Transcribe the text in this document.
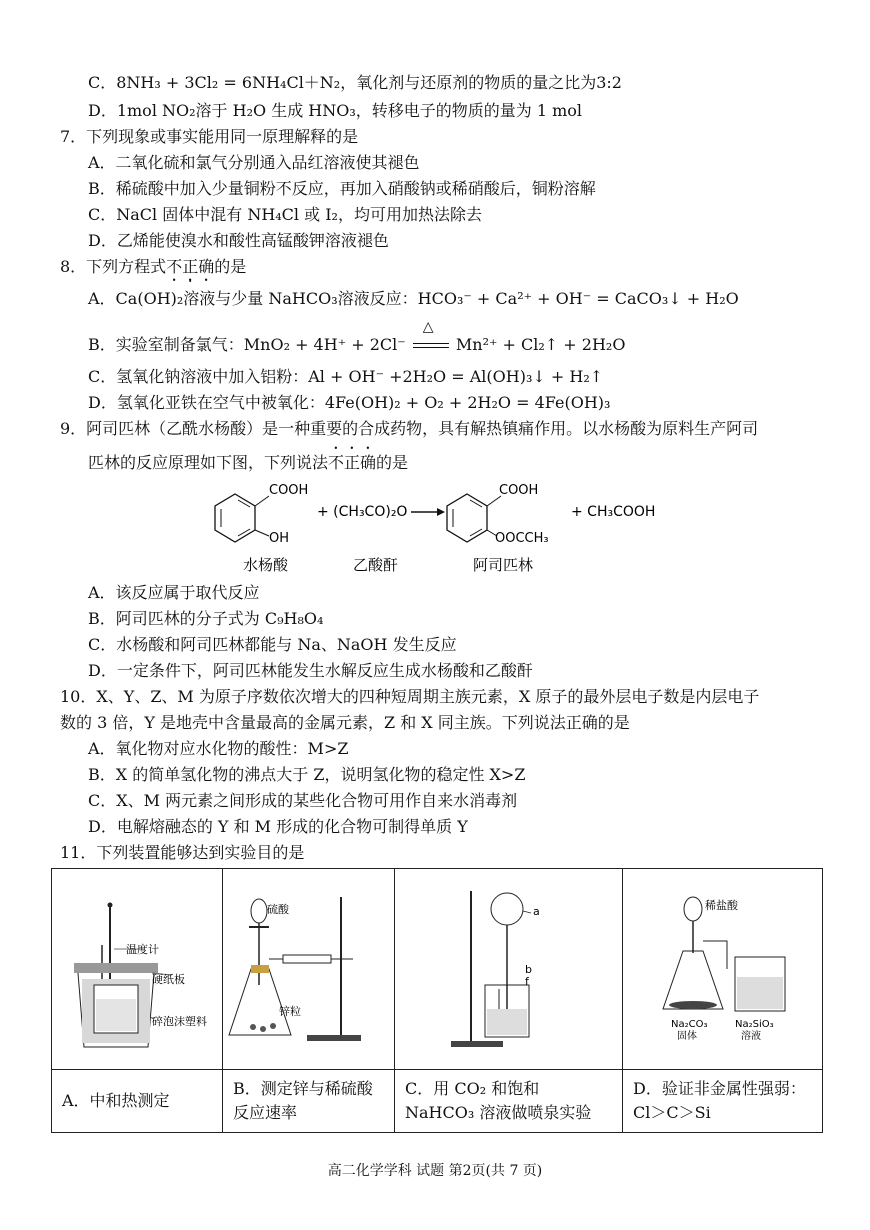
C．8NH₃ + 3Cl₂ = 6NH₄Cl＋N₂，氧化剂与还原剂的物质的量之比为3:2
D．1mol NO₂溶于 H₂O 生成 HNO₃，转移电子的物质的量为 1 mol
7．下列现象或事实能用同一原理解释的是
A．二氧化硫和氯气分别通入品红溶液使其褪色
B．稀硫酸中加入少量铜粉不反应，再加入硝酸钠或稀硝酸后，铜粉溶解
C．NaCl 固体中混有 NH₄Cl 或 I₂，均可用加热法除去
D．乙烯能使溴水和酸性高锰酸钾溶液褪色
8．下列方程式不正确的是
A．Ca(OH)₂溶液与少量 NaHCO₃溶液反应：HCO₃⁻ + Ca²⁺ + OH⁻ = CaCO₃↓ + H₂O
B．实验室制备氯气：MnO₂ + 4H⁺ + 2Cl⁻
△
Mn²⁺ + Cl₂↑ + 2H₂O
C．氢氧化钠溶液中加入铝粉：Al + OH⁻ +2H₂O = Al(OH)₃↓ + H₂↑
D．氢氧化亚铁在空气中被氧化：4Fe(OH)₂ + O₂ + 2H₂O = 4Fe(OH)₃
9．阿司匹林（乙酰水杨酸）是一种重要的合成药物，具有解热镇痛作用。以水杨酸为原料生产阿司
匹林的反应原理如下图，下列说法不正确的是
COOH
OH
+ (CH₃CO)₂O
COOH
OOCCH₃
+ CH₃COOH
水杨酸	乙酸酐	阿司匹林
A．该反应属于取代反应
B．阿司匹林的分子式为 C₉H₈O₄
C．水杨酸和阿司匹林都能与 Na、NaOH 发生反应
D．一定条件下，阿司匹林能发生水解反应生成水杨酸和乙酸酐
10．X、Y、Z、M 为原子序数依次增大的四种短周期主族元素，X 原子的最外层电子数是内层电子
数的 3 倍，Y 是地壳中含量最高的金属元素，Z 和 X 同主族。下列说法正确的是
A．氧化物对应水化物的酸性：M>Z
B．X 的简单氢化物的沸点大于 Z，说明氢化物的稳定性 X>Z
C．X、M 两元素之间形成的某些化合物可用作自来水消毒剂
D．电解熔融态的 Y 和 M 形成的化合物可制得单质 Y
11．下列装置能够达到实验目的是
温度计
硬纸板
碎泡沫塑料	硫酸
锌粒	a
b
f	稀盐酸
Na₂CO₃
固体
Na₂SiO₃
溶液

A．中和热测定	B．测定锌与稀硫酸反应速率	C．用 CO₂ 和饱和 NaHCO₃ 溶液做喷泉实验	D．验证非金属性强弱：Cl＞C＞Si
高二化学学科 试题 第2页(共 7 页)
